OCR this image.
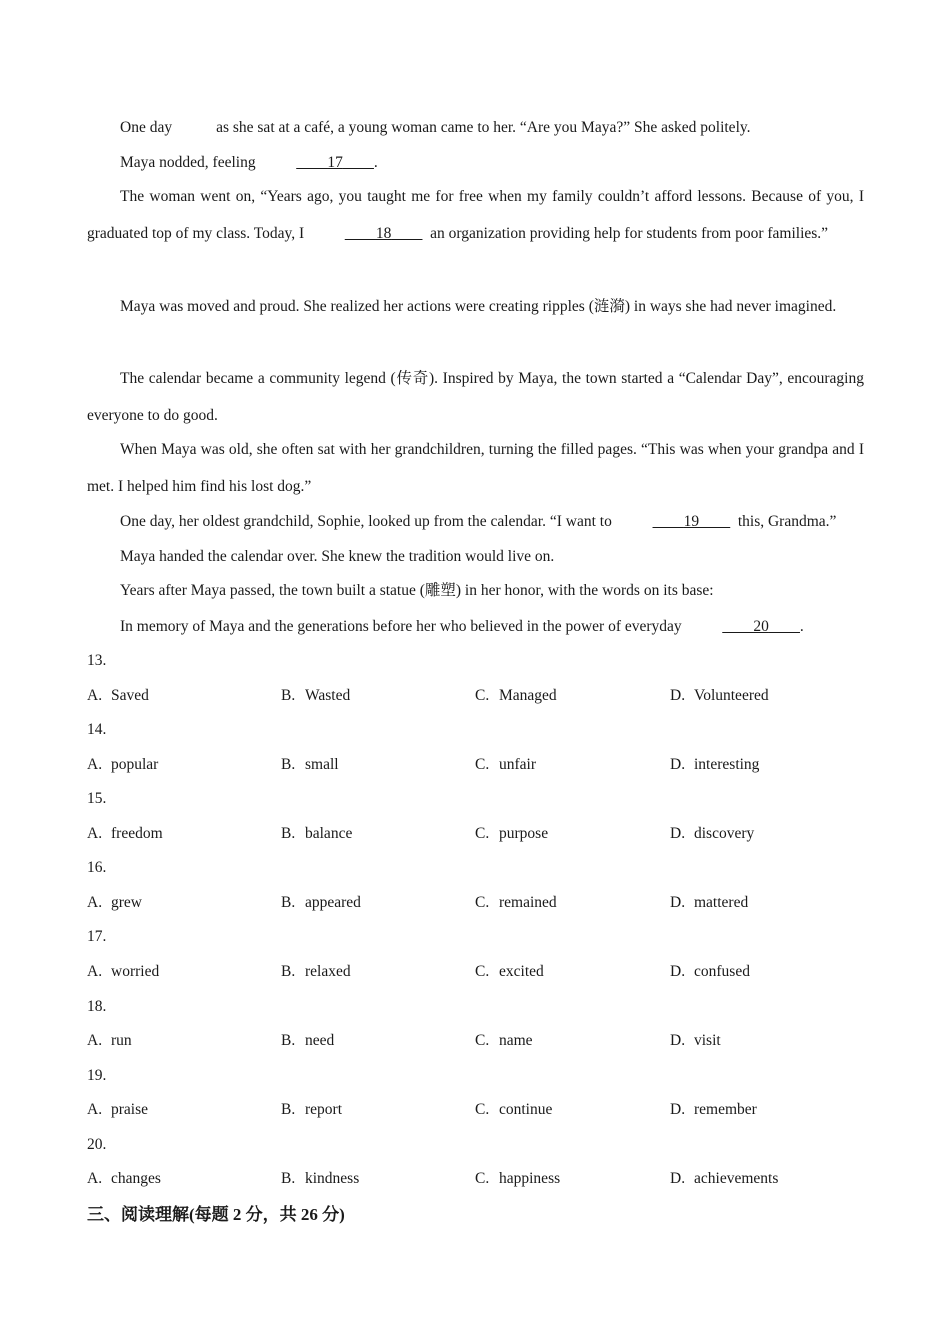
One day	as she sat at a café, a young woman came to her. “Are you Maya?” She asked politely.

Maya nodded, feeling	____17____.

The woman went on, “Years ago, you taught me for free when my family couldn’t afford lessons. Because of you, I graduated top of my class. Today, I	____18____ an organization providing help for students from poor families.”

Maya was moved and proud. She realized her actions were creating ripples (涟漪) in ways she had never imagined.

The calendar became a community legend (传奇). Inspired by Maya, the town started a “Calendar Day”, encouraging everyone to do good.

When Maya was old, she often sat with her grandchildren, turning the filled pages. “This was when your grandpa and I met. I helped him find his lost dog.”

One day, her oldest grandchild, Sophie, looked up from the calendar. “I want to	____19____ this, Grandma.”

Maya handed the calendar over. She knew the tradition would live on.

Years after Maya passed, the town built a statue (雕塑) in her honor, with the words on its base:

In memory of Maya and the generations before her who believed in the power of everyday	____20____.

13.

A. Saved	B. Wasted	C. Managed	D. Volunteered

14.

A. popular	B. small	C. unfair	D. interesting

15.

A. freedom	B. balance	C. purpose	D. discovery

16.

A. grew	B. appeared	C. remained	D. mattered

17.

A. worried	B. relaxed	C. excited	D. confused

18.

A. run	B. need	C. name	D. visit

19.

A. praise	B. report	C. continue	D. remember

20.

A. changes	B. kindness	C. happiness	D. achievements

三、阅读理解(每题 2 分，共 26 分)
